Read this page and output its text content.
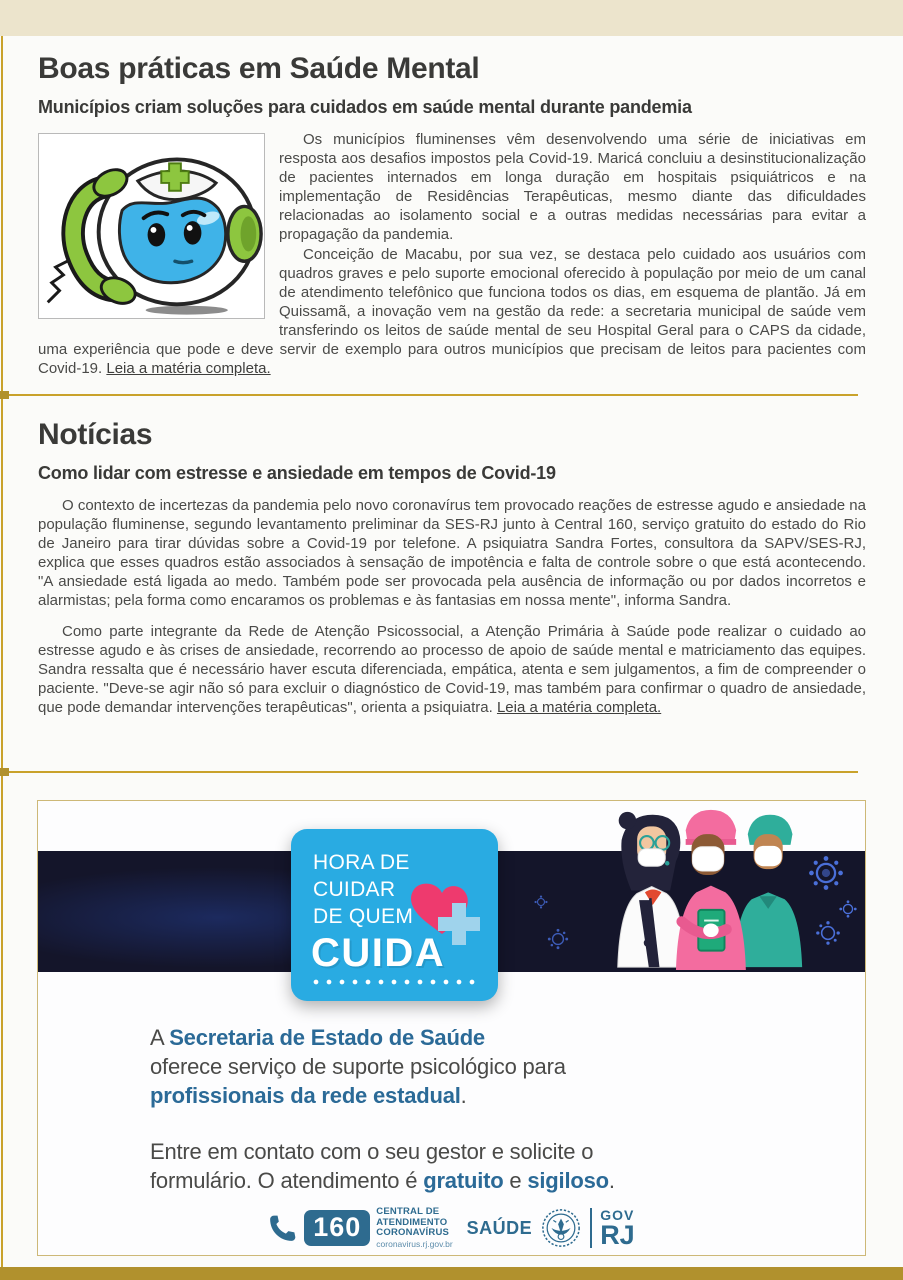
Boas práticas em Saúde Mental
Municípios criam soluções para cuidados em saúde mental durante pandemia

Os municípios fluminenses vêm desenvolvendo uma série de iniciativas em resposta aos desafios impostos pela Covid-19. Maricá concluiu a desinstitucionalização de pacientes internados em longa duração em hospitais psiquiátricos e na implementação de Residências Terapêuticas, mesmo diante das dificuldades relacionadas ao isolamento social e a outras medidas necessárias para evitar a propagação da pandemia.

Conceição de Macabu, por sua vez, se destaca pelo cuidado aos usuários com quadros graves e pelo suporte emocional oferecido à população por meio de um canal de atendimento telefônico que funciona todos os dias, em esquema de plantão. Já em Quissamã, a inovação vem na gestão da rede: a secretaria municipal de saúde vem transferindo os leitos de saúde mental de seu Hospital Geral para o CAPS da cidade, uma experiência que pode e deve servir de exemplo para outros municípios que precisam de leitos para pacientes com Covid-19. Leia a matéria completa.

Notícias
Como lidar com estresse e ansiedade em tempos de Covid-19

O contexto de incertezas da pandemia pelo novo coronavírus tem provocado reações de estresse agudo e ansiedade na população fluminense, segundo levantamento preliminar da SES-RJ junto à Central 160, serviço gratuito do estado do Rio de Janeiro para tirar dúvidas sobre a Covid-19 por telefone. A psiquiatra Sandra Fortes, consultora da SAPV/SES-RJ, explica que esses quadros estão associados à sensação de impotência e falta de controle sobre o que está acontecendo. "A ansiedade está ligada ao medo. Também pode ser provocada pela ausência de informação ou por dados incorretos e alarmistas; pela forma como encaramos os problemas e às fantasias em nossa mente", informa Sandra.

Como parte integrante da Rede de Atenção Psicossocial, a Atenção Primária à Saúde pode realizar o cuidado ao estresse agudo e às crises de ansiedade, recorrendo ao processo de apoio de saúde mental e matriciamento das equipes. Sandra ressalta que é necessário haver escuta diferenciada, empática, atenta e sem julgamentos, a fim de compreender o paciente. "Deve-se agir não só para excluir o diagnóstico de Covid-19, mas também para confirmar o quadro de ansiedade, que pode demandar intervenções terapêuticas", orienta a psiquiatra. Leia a matéria completa.

HORA DE
CUIDAR
DE QUEM
CUIDA
A Secretaria de Estado de Saúde
oferece serviço de suporte psicológico para
profissionais da rede estadual.
Entre em contato com o seu gestor e solicite o
formulário. O atendimento é gratuito e sigiloso.
160
CENTRAL DE
ATENDIMENTO
CORONAVÍRUS
coronavirus.rj.gov.br
SAÚDE
GOV
RJ
